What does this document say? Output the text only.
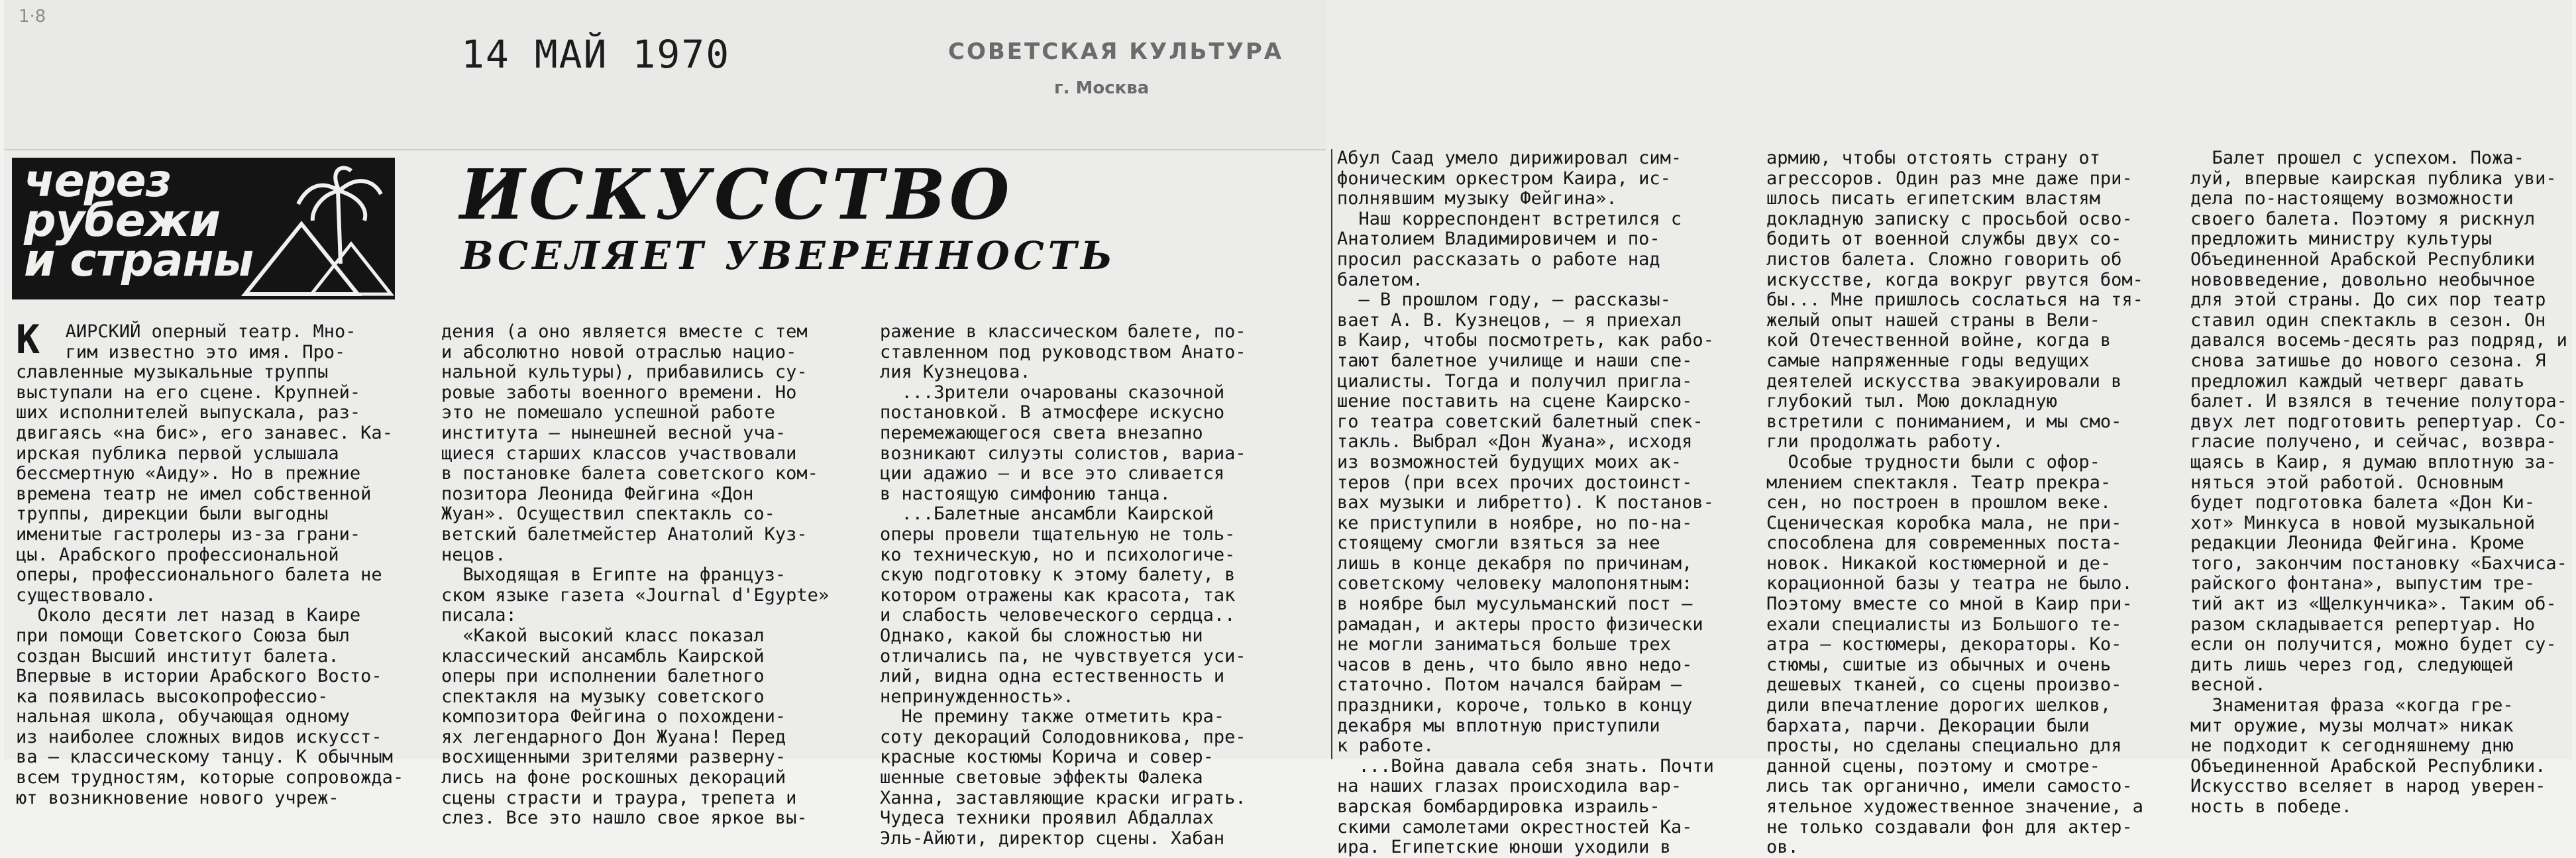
1·8
14 МАЙ 1970	СОВЕТСКАЯ КУЛЬТУРА
г. Москва
через
рубежи
и страны
ИСКУССТВО
ВСЕЛЯЕТ УВЕРЕННОСТЬ
К АИРСКИЙ оперный театр. Мно-
гим известно это имя. Про-
славленные музыкальные труппы
выступали на его сцене. Крупней-
ших исполнителей выпускала, раз-
двигаясь «на бис», его занавес. Ка-
ирская публика первой услышала
бессмертную «Аиду». Но в прежние
времена театр не имел собственной
труппы, дирекции были выгодны
именитые гастролеры из-за грани-
цы. Арабского профессиональной
оперы, профессионального балета не
существовало.
Около десяти лет назад в Каире
при помощи Советского Союза был
создан Высший институт балета.
Впервые в истории Арабского Восто-
ка появилась высокопрофессио-
нальная школа, обучающая одному
из наиболее сложных видов искусст-
ва — классическому танцу. К обычным
всем трудностям, которые сопровожда-
ют возникновение нового учреж-
дения (а оно является вместе с тем
и абсолютно новой отраслью нацио-
нальной культуры), прибавились су-
ровые заботы военного времени. Но
это не помешало успешной работе
института — нынешней весной уча-
щиеся старших классов участвовали
в постановке балета советского ком-
позитора Леонида Фейгина «Дон
Жуан». Осуществил спектакль со-
ветский балетмейстер Анатолий Куз-
нецов.
Выходящая в Египте на француз-
ском языке газета «Journal d'Egypte»
писала:
«Какой высокий класс показал
классический ансамбль Каирской
оперы при исполнении балетного
спектакля на музыку советского
композитора Фейгина о похождени-
ях легендарного Дон Жуана! Перед
восхищенными зрителями разверну-
лись на фоне роскошных декораций
сцены страсти и траура, трепета и
слез. Все это нашло свое яркое вы-
ражение в классическом балете, по-
ставленном под руководством Анато-
лия Кузнецова.
...Зрители очарованы сказочной
постановкой. В атмосфере искусно
перемежающегося света внезапно
возникают силуэты солистов, вариа-
ции адажио — и все это сливается
в настоящую симфонию танца.
...Балетные ансамбли Каирской
оперы провели тщательную не толь-
ко техническую, но и психологиче-
скую подготовку к этому балету, в
котором отражены как красота, так
и слабость человеческого сердца..
Однако, какой бы сложностью ни
отличались па, не чувствуется уси-
лий, видна одна естественность и
непринужденность».
Не премину также отметить кра-
соту декораций Солодовникова, пре-
красные костюмы Корича и совер-
шенные световые эффекты Фалека
Ханна, заставляющие краски играть.
Чудеса техники проявил Абдаллах
Эль-Айюти, директор сцены. Хабан
Абул Саад умело дирижировал сим-
фоническим оркестром Каира, ис-
полнявшим музыку Фейгина».
Наш корреспондент встретился с
Анатолием Владимировичем и по-
просил рассказать о работе над
балетом.
— В прошлом году, — рассказы-
вает А. В. Кузнецов, — я приехал
в Каир, чтобы посмотреть, как рабо-
тают балетное училище и наши спе-
циалисты. Тогда и получил пригла-
шение поставить на сцене Каирско-
го театра советский балетный спек-
такль. Выбрал «Дон Жуана», исходя
из возможностей будущих моих ак-
теров (при всех прочих достоинст-
вах музыки и либретто). К постанов-
ке приступили в ноябре, но по-на-
стоящему смогли взяться за нее
лишь в конце декабря по причинам,
советскому человеку малопонятным:
в ноябре был мусульманский пост —
рамадан, и актеры просто физически
не могли заниматься больше трех
часов в день, что было явно недо-
статочно. Потом начался байрам —
праздники, короче, только в концу
декабря мы вплотную приступили
к работе.
...Война давала себя знать. Почти
на наших глазах происходила вар-
варская бомбардировка израиль-
скими самолетами окрестностей Ка-
ира. Египетские юноши уходили в
армию, чтобы отстоять страну от
агрессоров. Один раз мне даже при-
шлось писать египетским властям
докладную записку с просьбой осво-
бодить от военной службы двух со-
листов балета. Сложно говорить об
искусстве, когда вокруг рвутся бом-
бы... Мне пришлось сослаться на тя-
желый опыт нашей страны в Вели-
кой Отечественной войне, когда в
самые напряженные годы ведущих
деятелей искусства эвакуировали в
глубокий тыл. Мою докладную
встретили с пониманием, и мы смо-
гли продолжать работу.
Особые трудности были с офор-
млением спектакля. Театр прекра-
сен, но построен в прошлом веке.
Сценическая коробка мала, не при-
способлена для современных поста-
новок. Никакой костюмерной и де-
корационной базы у театра не было.
Поэтому вместе со мной в Каир при-
ехали специалисты из Большого те-
атра — костюмеры, декораторы. Ко-
стюмы, сшитые из обычных и очень
дешевых тканей, со сцены произво-
дили впечатление дорогих шелков,
бархата, парчи. Декорации были
просты, но сделаны специально для
данной сцены, поэтому и смотре-
лись так органично, имели самосто-
ятельное художественное значение, а
не только создавали фон для актер-
ов.
Балет прошел с успехом. Пожа-
луй, впервые каирская публика уви-
дела по-настоящему возможности
своего балета. Поэтому я рискнул
предложить министру культуры
Объединенной Арабской Республики
нововведение, довольно необычное
для этой страны. До сих пор театр
ставил один спектакль в сезон. Он
давался восемь-десять раз подряд, и
снова затишье до нового сезона. Я
предложил каждый четверг давать
балет. И взялся в течение полутора-
двух лет подготовить репертуар. Со-
гласие получено, и сейчас, возвра-
щаясь в Каир, я думаю вплотную за-
няться этой работой. Основным
будет подготовка балета «Дон Ки-
хот» Минкуса в новой музыкальной
редакции Леонида Фейгина. Кроме
того, закончим постановку «Бахчиса-
райского фонтана», выпустим тре-
тий акт из «Щелкунчика». Таким об-
разом складывается репертуар. Но
если он получится, можно будет су-
дить лишь через год, следующей
весной.
Знаменитая фраза «когда гре-
мит оружие, музы молчат» никак
не подходит к сегодняшнему дню
Объединенной Арабской Республики.
Искусство вселяет в народ уверен-
ность в победе.
